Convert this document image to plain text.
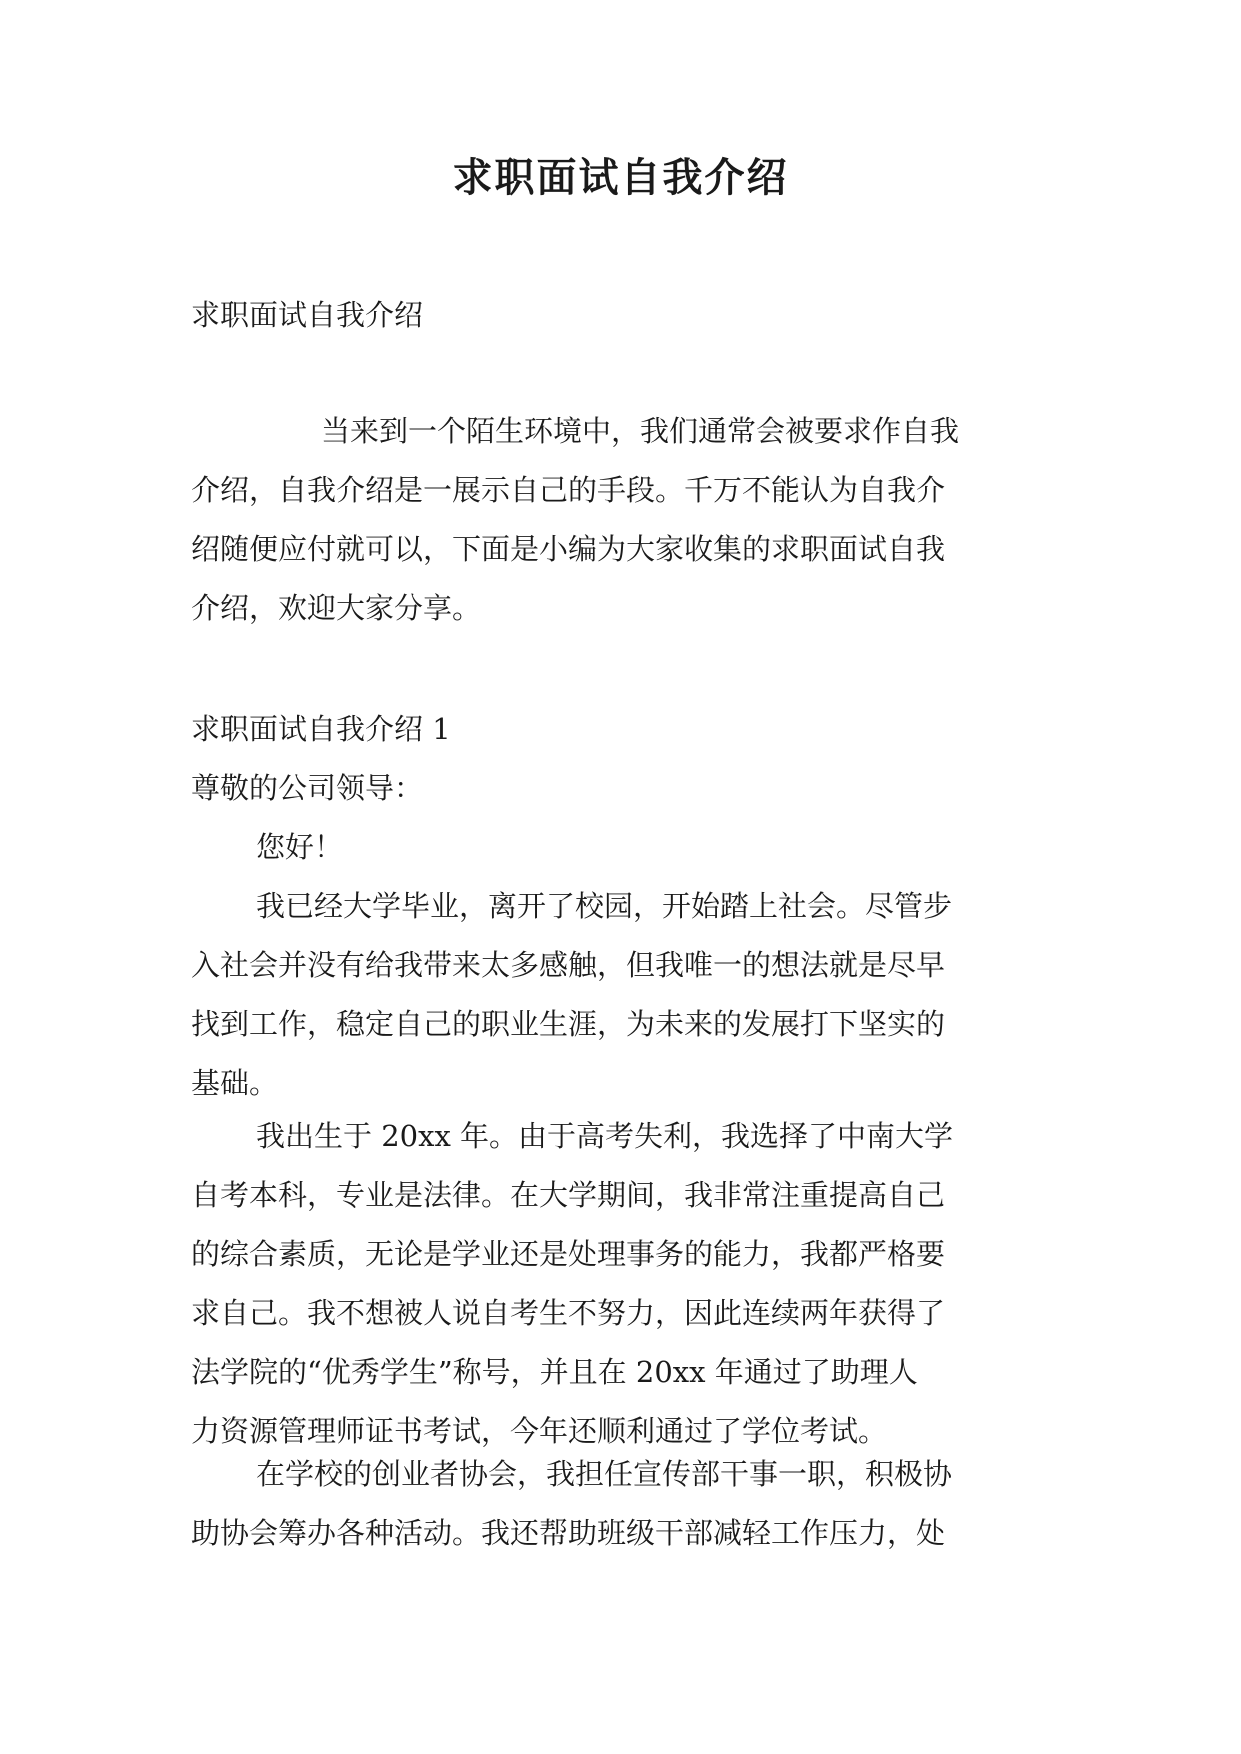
求职面试自我介绍

求职面试自我介绍

当来到一个陌生环境中，我们通常会被要求作自我
介绍，自我介绍是一展示自己的手段。千万不能认为自我介
绍随便应付就可以，下面是小编为大家收集的求职面试自我
介绍，欢迎大家分享。

求职面试自我介绍 1

尊敬的公司领导：

您好！

我已经大学毕业，离开了校园，开始踏上社会。尽管步
入社会并没有给我带来太多感触，但我唯一的想法就是尽早
找到工作，稳定自己的职业生涯，为未来的发展打下坚实的
基础。
我出生于 20xx 年。由于高考失利，我选择了中南大学
自考本科，专业是法律。在大学期间，我非常注重提高自己
的综合素质，无论是学业还是处理事务的能力，我都严格要
求自己。我不想被人说自考生不努力，因此连续两年获得了
法学院的“优秀学生”称号，并且在 20xx 年通过了助理人
力资源管理师证书考试，今年还顺利通过了学位考试。
在学校的创业者协会，我担任宣传部干事一职，积极协
助协会筹办各种活动。我还帮助班级干部减轻工作压力，处
